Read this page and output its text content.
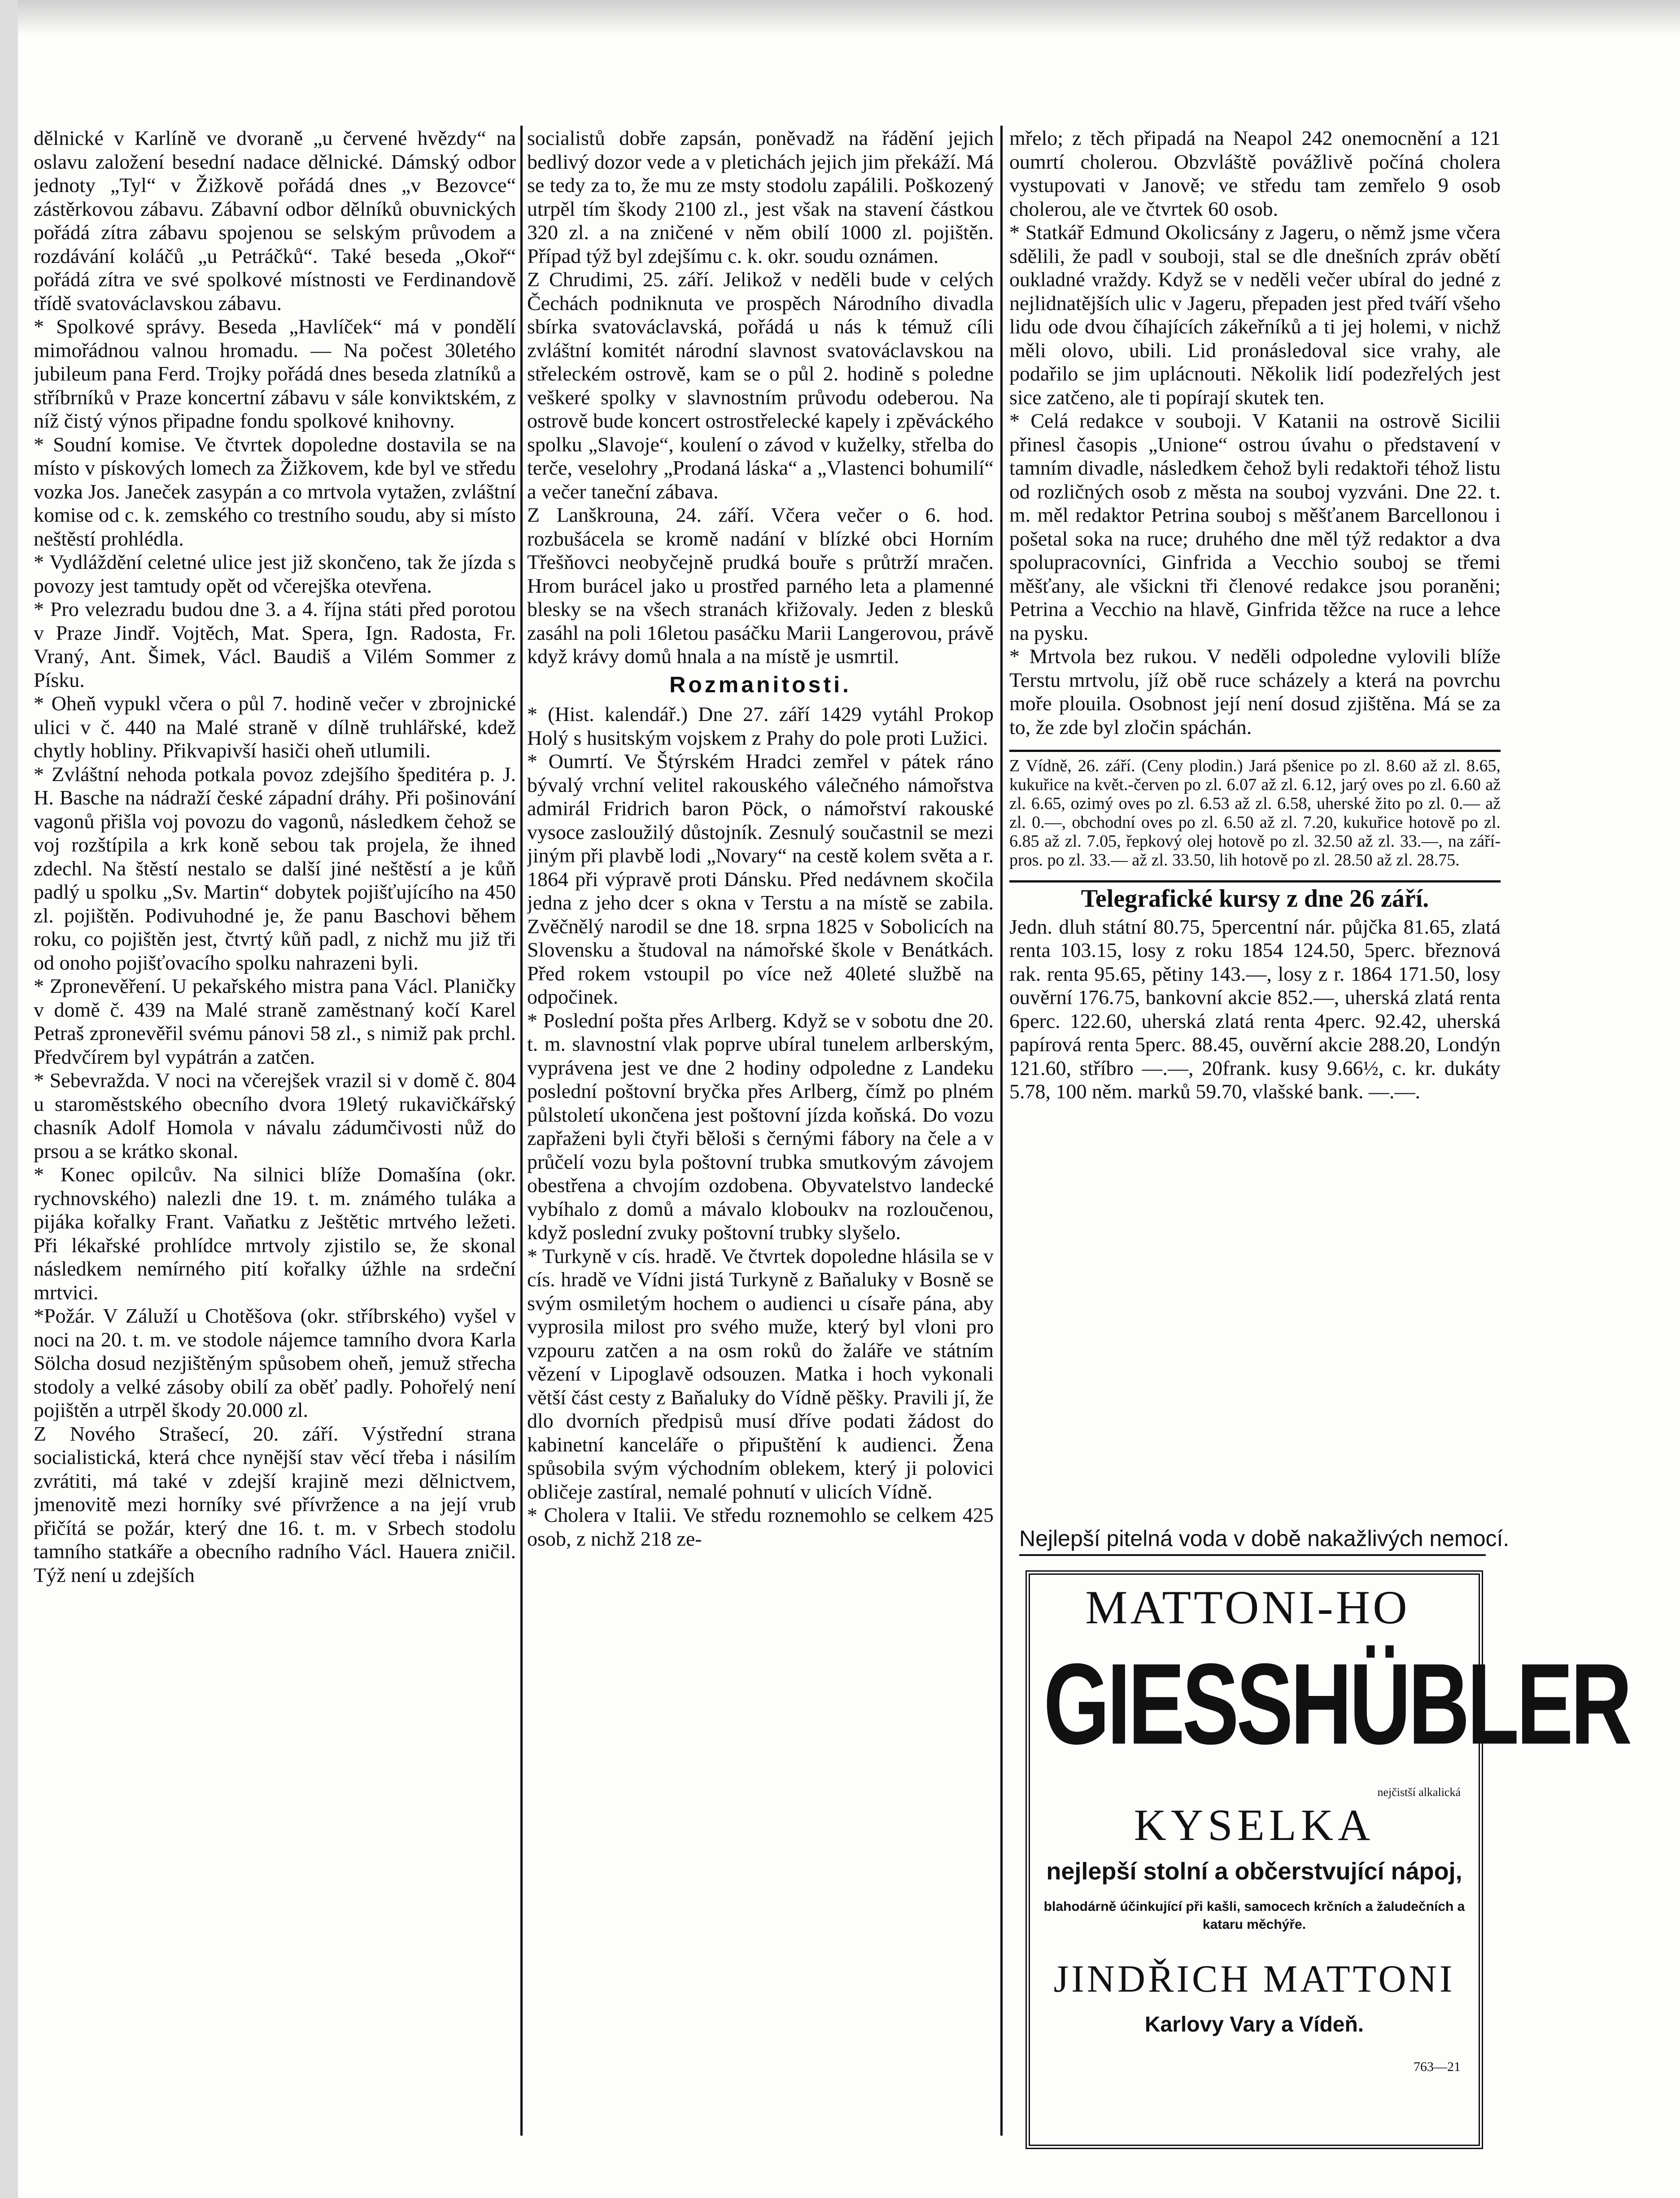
dělnické v Karlíně ve dvoraně „u červené hvězdy“ na oslavu založení besední nadace dělnické. Dámský odbor jednoty „Tyl“ v Žižkově pořádá dnes „v Bezovce“ zástěrkovou zábavu. Zábavní odbor dělníků obuvnických pořádá zítra zábavu spojenou se selským průvodem a rozdávání koláčů „u Petráčků“. Také beseda „Okoř“ pořádá zítra ve své spolkové místnosti ve Ferdinandově třídě svatováclavskou zábavu.

* Spolkové správy. Beseda „Havlíček“ má v pondělí mimořádnou valnou hromadu. — Na počest 30letého jubileum pana Ferd. Trojky pořádá dnes beseda zlatníků a stříbrníků v Praze koncertní zábavu v sále konviktském, z níž čistý výnos připadne fondu spolkové knihovny.

* Soudní komise. Ve čtvrtek dopoledne dostavila se na místo v pískových lomech za Žižkovem, kde byl ve středu vozka Jos. Janeček zasypán a co mrtvola vytažen, zvláštní komise od c. k. zemského co trestního soudu, aby si místo neštěstí prohlédla.

* Vydláždění celetné ulice jest již skončeno, tak že jízda s povozy jest tamtudy opět od včerejška otevřena.

* Pro velezradu budou dne 3. a 4. října státi před porotou v Praze Jindř. Vojtěch, Mat. Spera, Ign. Radosta, Fr. Vraný, Ant. Šimek, Václ. Baudiš a Vilém Sommer z Písku.

* Oheň vypukl včera o půl 7. hodině večer v zbrojnické ulici v č. 440 na Malé straně v dílně truhlářské, kdež chytly hobliny. Přikvapivší hasiči oheň utlumili.

* Zvláštní nehoda potkala povoz zdejšího špeditéra p. J. H. Basche na nádraží české západní dráhy. Při pošinování vagonů přišla voj povozu do vagonů, následkem čehož se voj rozštípila a krk koně sebou tak projela, že ihned zdechl. Na štěstí nestalo se další jiné neštěstí a je kůň padlý u spolku „Sv. Martin“ dobytek pojišťujícího na 450 zl. pojištěn. Podivuhodné je, že panu Baschovi během roku, co pojištěn jest, čtvrtý kůň padl, z nichž mu již tři od onoho pojišťovacího spolku nahrazeni byli.

* Zpronevěření. U pekařského mistra pana Václ. Planičky v domě č. 439 na Malé straně zaměstnaný kočí Karel Petraš zpronevěřil svému pánovi 58 zl., s nimiž pak prchl. Předvčírem byl vypátrán a zatčen.

* Sebevražda. V noci na včerejšek vrazil si v domě č. 804 u staroměstského obecního dvora 19letý rukavičkářský chasník Adolf Homola v návalu zádumčivosti nůž do prsou a se krátko skonal.

* Konec opilcův. Na silnici blíže Domašína (okr. rychnovského) nalezli dne 19. t. m. známého tuláka a pijáka kořalky Frant. Vaňatku z Ještětic mrtvého ležeti. Při lékařské prohlídce mrtvoly zjistilo se, že skonal následkem nemírného pití kořalky úžhle na srdeční mrtvici.

*Požár. V Záluží u Chotěšova (okr. stříbrského) vyšel v noci na 20. t. m. ve stodole nájemce tamního dvora Karla Sölcha dosud nezjištěným spůsobem oheň, jemuž střecha stodoly a velké zásoby obilí za oběť padly. Pohořelý není pojištěn a utrpěl škody 20.000 zl.

Z Nového Strašecí, 20. září. Výstřední strana socialistická, která chce nynější stav věcí třeba i násilím zvrátiti, má také v zdejší krajině mezi dělnictvem, jmenovitě mezi horníky své přívržence a na její vrub přičítá se požár, který dne 16. t. m. v Srbech stodolu tamního statkáře a obecního radního Václ. Hauera zničil. Týž není u zdejších

socialistů dobře zapsán, poněvadž na řádění jejich bedlivý dozor vede a v pletichách jejich jim překáží. Má se tedy za to, že mu ze msty stodolu zapálili. Poškozený utrpěl tím škody 2100 zl., jest však na stavení částkou 320 zl. a na zničené v něm obilí 1000 zl. pojištěn. Případ týž byl zdejšímu c. k. okr. soudu oznámen.

Z Chrudimi, 25. září. Jelikož v neděli bude v celých Čechách podniknuta ve prospěch Národního divadla sbírka svatováclavská, pořádá u nás k témuž cíli zvláštní komitét národní slavnost svatováclavskou na střeleckém ostrově, kam se o půl 2. hodině s poledne veškeré spolky v slavnostním průvodu odeberou. Na ostrově bude koncert ostrostřelecké kapely i zpěváckého spolku „Slavoje“, koulení o závod v kuželky, střelba do terče, veselohry „Prodaná láska“ a „Vlastenci bohumilí“ a večer taneční zábava.

Z Lanškrouna, 24. září. Včera večer o 6. hod. rozbušácela se kromě nadání v blízké obci Horním Třešňovci neobyčejně prudká bouře s průtrží mračen. Hrom burácel jako u prostřed parného leta a plamenné blesky se na všech stranách křižovaly. Jeden z blesků zasáhl na poli 16letou pasáčku Marii Langerovou, právě když krávy domů hnala a na místě je usmrtil.

Rozmanitosti.

* (Hist. kalendář.) Dne 27. září 1429 vytáhl Prokop Holý s husitským vojskem z Prahy do pole proti Lužici.

* Oumrtí. Ve Štýrském Hradci zemřel v pátek ráno bývalý vrchní velitel rakouského válečného námořstva admirál Fridrich baron Pöck, o námořství rakouské vysoce zasloužilý důstojník. Zesnulý součastnil se mezi jiným při plavbě lodi „Novary“ na cestě kolem světa a r. 1864 při výpravě proti Dánsku. Před nedávnem skočila jedna z jeho dcer s okna v Terstu a na místě se zabila. Zvěčnělý narodil se dne 18. srpna 1825 v Sobolicích na Slovensku a študoval na námořské škole v Benátkách. Před rokem vstoupil po více než 40leté službě na odpočinek.

* Poslední pošta přes Arlberg. Když se v sobotu dne 20. t. m. slavnostní vlak poprve ubíral tunelem arlberským, vyprávena jest ve dne 2 hodiny odpoledne z Landeku poslední poštovní bryčka přes Arlberg, čímž po plném půlstoletí ukončena jest poštovní jízda koňská. Do vozu zapřaženi byli čtyři běloši s černými fábory na čele a v průčelí vozu byla poštovní trubka smutkovým závojem obestřena a chvojím ozdobena. Obyvatelstvo landecké vybíhalo z domů a mávalo kloboukv na rozloučenou, když poslední zvuky poštovní trubky slyšelo.

* Turkyně v cís. hradě. Ve čtvrtek dopoledne hlásila se v cís. hradě ve Vídni jistá Turkyně z Baňaluky v Bosně se svým osmiletým hochem o audienci u císaře pána, aby vyprosila milost pro svého muže, který byl vloni pro vzpouru zatčen a na osm roků do žaláře ve státním vězení v Lipoglavě odsouzen. Matka i hoch vykonali větší část cesty z Baňaluky do Vídně pěšky. Pravili jí, že dlo dvorních předpisů musí dříve podati žádost do kabinetní kanceláře o připuštění k audienci. Žena spůsobila svým východním oblekem, který ji polovici obličeje zastíral, nemalé pohnutí v ulicích Vídně.

* Cholera v Italii. Ve středu roznemohlo se celkem 425 osob, z nichž 218 ze-

mřelo; z těch připadá na Neapol 242 onemocnění a 121 oumrtí cholerou. Obzvláště povážlivě počíná cholera vystupovati v Janově; ve středu tam zemřelo 9 osob cholerou, ale ve čtvrtek 60 osob.

* Statkář Edmund Okolicsány z Jageru, o němž jsme včera sdělili, že padl v souboji, stal se dle dnešních zpráv obětí oukladné vraždy. Když se v neděli večer ubíral do jedné z nejlidnatějších ulic v Jageru, přepaden jest před tváří všeho lidu ode dvou číhajících zákeřníků a ti jej holemi, v nichž měli olovo, ubili. Lid pronásledoval sice vrahy, ale podařilo se jim uplácnouti. Několik lidí podezřelých jest sice zatčeno, ale ti popírají skutek ten.

* Celá redakce v souboji. V Katanii na ostrově Sicilii přinesl časopis „Unione“ ostrou úvahu o představení v tamním divadle, následkem čehož byli redaktoři téhož listu od rozličných osob z města na souboj vyzváni. Dne 22. t. m. měl redaktor Petrina souboj s měšťanem Barcellonou i pošetal soka na ruce; druhého dne měl týž redaktor a dva spolupracovníci, Ginfrida a Vecchio souboj se třemi měšťany, ale všickni tři členové redakce jsou poraněni; Petrina a Vecchio na hlavě, Ginfrida těžce na ruce a lehce na pysku.

* Mrtvola bez rukou. V neděli odpoledne vylovili blíže Terstu mrtvolu, jíž obě ruce scházely a která na povrchu moře plouila. Osobnost její není dosud zjištěna. Má se za to, že zde byl zločin spáchán.

Z Vídně, 26. září. (Ceny plodin.) Jará pšenice po zl. 8.60 až zl. 8.65, kukuřice na květ.-červen po zl. 6.07 až zl. 6.12, jarý oves po zl. 6.60 až zl. 6.65, ozimý oves po zl. 6.53 až zl. 6.58, uherské žito po zl. 0.— až zl. 0.—, obchodní oves po zl. 6.50 až zl. 7.20, kukuřice hotově po zl. 6.85 až zl. 7.05, řepkový olej hotově po zl. 32.50 až zl. 33.—, na září-pros. po zl. 33.— až zl. 33.50, lih hotově po zl. 28.50 až zl. 28.75.

Telegrafické kursy z dne 26 září.

Jedn. dluh státní 80.75, 5percentní nár. půjčka 81.65, zlatá renta 103.15, losy z roku 1854 124.50, 5perc. březnová rak. renta 95.65, pětiny 143.—, losy z r. 1864 171.50, losy ouvěrní 176.75, bankovní akcie 852.—, uherská zlatá renta 6perc. 122.60, uherská zlatá renta 4perc. 92.42, uherská papírová renta 5perc. 88.45, ouvěrní akcie 288.20, Londýn 121.60, stříbro —.—, 20frank. kusy 9.66½, c. kr. dukáty 5.78, 100 něm. marků 59.70, vlašské bank. —.—.

Nejlepší pitelná voda v době nakažlivých nemocí.
MATTONI-HO
GIESSHÜBLER
nejčistší alkalická
KYSELKA
nejlepší stolní a občerstvující nápoj,
blahodárně účinkující při kašli, samocech krčních a žaludečních a kataru měchýře.
JINDŘICH MATTONI
Karlovy Vary a Vídeň.
763—21
